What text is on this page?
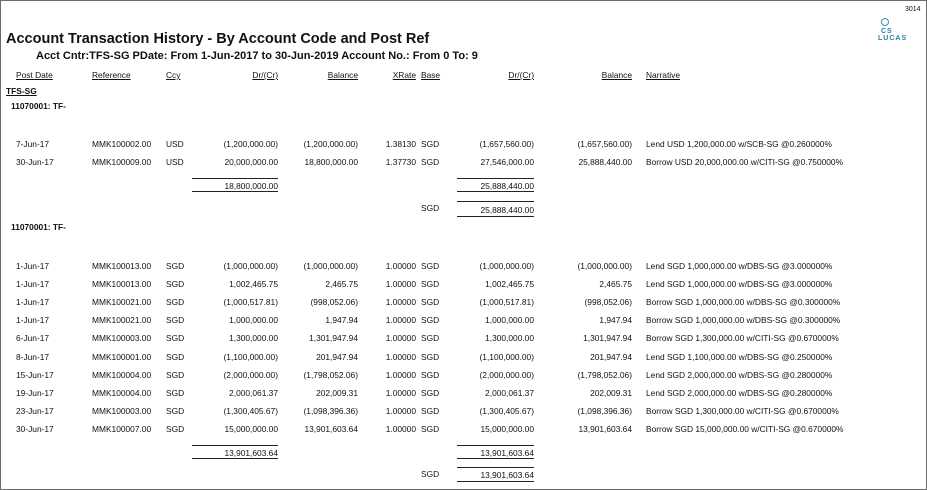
3014
CS
LUCAS
Account Transaction History - By Account Code and Post Ref
Acct Cntr:TFS-SG PDate: From 1-Jun-2017 to 30-Jun-2019 Account No.: From 0 To: 9
Post Date	Reference	Ccy	Dr/(Cr)	Balance	XRate Base	Dr/(Cr)	Balance Narrative
TFS-SG
11070001: TF-
7-Jun-17	MMK100002.00 USD	(1,200,000.00)	(1,200,000.00)	1.38130 SGD	(1,657,560.00)	(1,657,560.00) Lend USD 1,200,000.00 w/SCB-SG @0.260000%
30-Jun-17	MMK100009.00 USD	20,000,000.00	18,800,000.00	1.37730 SGD	27,546,000.00	25,888,440.00 Borrow USD 20,000,000.00 w/CITI-SG @0.750000%
18,800,000.00	25,888,440.00
SGD	25,888,440.00
11070001: TF-
1-Jun-17	MMK100013.00 SGD	(1,000,000.00)	(1,000,000.00)	1.00000 SGD	(1,000,000.00)	(1,000,000.00) Lend SGD 1,000,000.00 w/DBS-SG @3.000000%
1-Jun-17	MMK100013.00 SGD	1,002,465.75	2,465.75	1.00000 SGD	1,002,465.75	2,465.75 Lend SGD 1,000,000.00 w/DBS-SG @3.000000%
1-Jun-17	MMK100021.00 SGD	(1,000,517.81)	(998,052.06)	1.00000 SGD	(1,000,517.81)	(998,052.06) Borrow SGD 1,000,000.00 w/DBS-SG @0.300000%
1-Jun-17	MMK100021.00 SGD	1,000,000.00	1,947.94	1.00000 SGD	1,000,000.00	1,947.94 Borrow SGD 1,000,000.00 w/DBS-SG @0.300000%
6-Jun-17	MMK100003.00 SGD	1,300,000.00	1,301,947.94	1.00000 SGD	1,300,000.00	1,301,947.94 Borrow SGD 1,300,000.00 w/CITI-SG @0.670000%
8-Jun-17	MMK100001.00 SGD	(1,100,000.00)	201,947.94	1.00000 SGD	(1,100,000.00)	201,947.94 Lend SGD 1,100,000.00 w/DBS-SG @0.250000%
15-Jun-17	MMK100004.00 SGD	(2,000,000.00)	(1,798,052.06)	1.00000 SGD	(2,000,000.00)	(1,798,052.06) Lend SGD 2,000,000.00 w/DBS-SG @0.280000%
19-Jun-17	MMK100004.00 SGD	2,000,061.37	202,009.31	1.00000 SGD	2,000,061.37	202,009.31 Lend SGD 2,000,000.00 w/DBS-SG @0.280000%
23-Jun-17	MMK100003.00 SGD	(1,300,405.67)	(1,098,396.36)	1.00000 SGD	(1,300,405.67)	(1,098,396.36) Borrow SGD 1,300,000.00 w/CITI-SG @0.670000%
30-Jun-17	MMK100007.00 SGD	15,000,000.00	13,901,603.64	1.00000 SGD	15,000,000.00	13,901,603.64 Borrow SGD 15,000,000.00 w/CITI-SG @0.670000%
13,901,603.64	13,901,603.64
SGD	13,901,603.64
